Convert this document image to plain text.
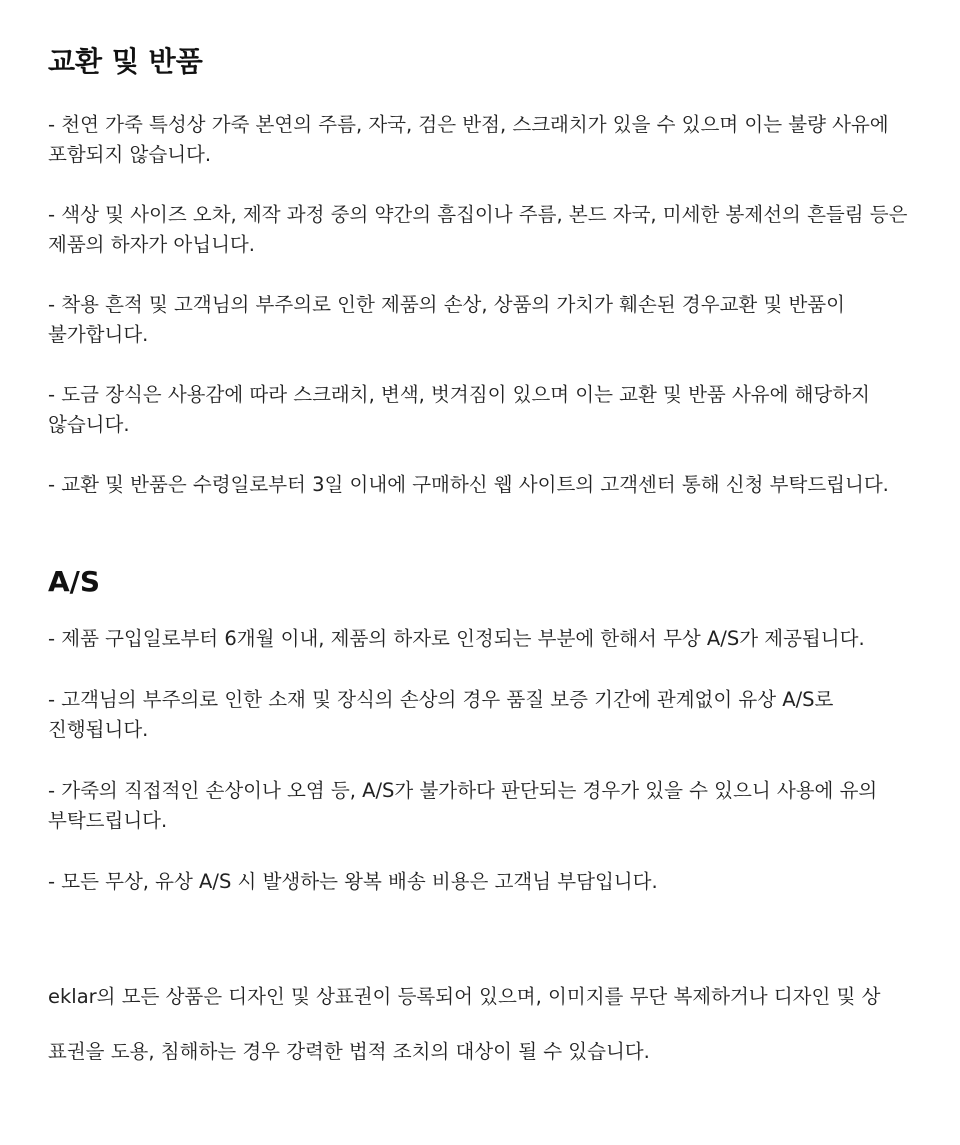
교환 및 반품

- 천연 가죽 특성상 가죽 본연의 주름, 자국, 검은 반점, 스크래치가 있을 수 있으며 이는 불량 사유에 포함되지 않습니다.

- 색상 및 사이즈 오차, 제작 과정 중의 약간의 흠집이나 주름, 본드 자국, 미세한 봉제선의 흔들림 등은 제품의 하자가 아닙니다.

- 착용 흔적 및 고객님의 부주의로 인한 제품의 손상, 상품의 가치가 훼손된 경우교환 및 반품이 불가합니다.

- 도금 장식은 사용감에 따라 스크래치, 변색, 벗겨짐이 있으며 이는 교환 및 반품 사유에 해당하지 않습니다.

- 교환 및 반품은 수령일로부터 3일 이내에 구매하신 웹 사이트의 고객센터 통해 신청 부탁드립니다.

A/S

- 제품 구입일로부터 6개월 이내, 제품의 하자로 인정되는 부분에 한해서 무상 A/S가 제공됩니다.

- 고객님의 부주의로 인한 소재 및 장식의 손상의 경우 품질 보증 기간에 관계없이 유상 A/S로 진행됩니다.

- 가죽의 직접적인 손상이나 오염 등, A/S가 불가하다 판단되는 경우가 있을 수 있으니 사용에 유의 부탁드립니다.

- 모든 무상, 유상 A/S 시 발생하는 왕복 배송 비용은 고객님 부담입니다.

eklar의 모든 상품은 디자인 및 상표권이 등록되어 있으며, 이미지를 무단 복제하거나 디자인 및 상

표권을 도용, 침해하는 경우 강력한 법적 조치의 대상이 될 수 있습니다.
